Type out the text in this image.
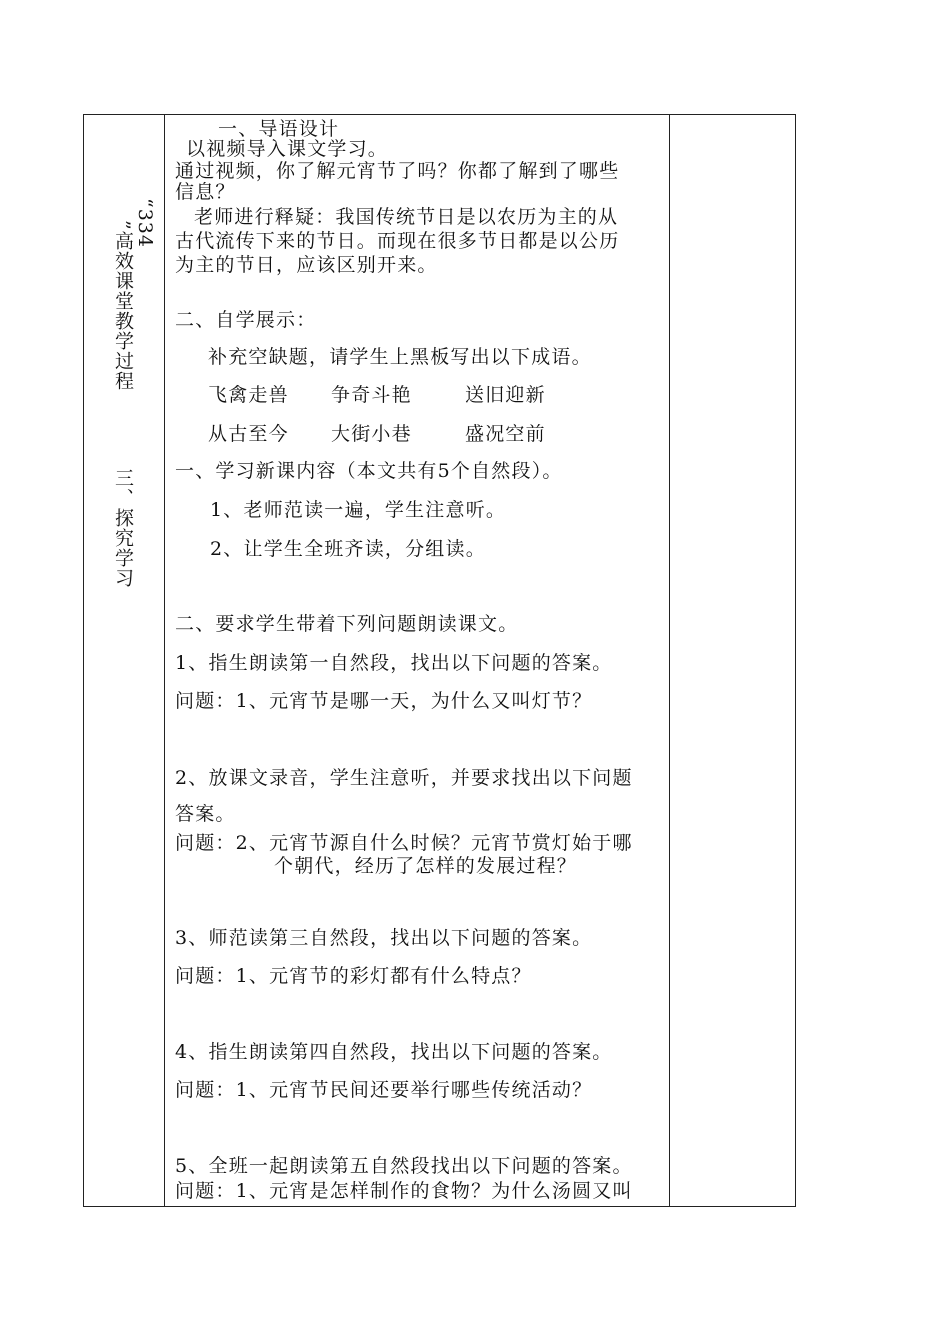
“334
”高效课堂教学过程
三、探究学习
一、导语设计
以视频导入课文学习。
通过视频，你了解元宵节了吗？你都了解到了哪些
信息？
老师进行释疑：我国传统节日是以农历为主的从
古代流传下来的节日。而现在很多节日都是以公历
为主的节日，应该区别开来。
二、自学展示：
补充空缺题，请学生上黑板写出以下成语。
飞禽走兽 争奇斗艳	送旧迎新
从古至今 大街小巷	盛况空前
一、学习新课内容（本文共有5个自然段）。
1、老师范读一遍，学生注意听。
2、让学生全班齐读，分组读。
二、要求学生带着下列问题朗读课文。
1、指生朗读第一自然段，找出以下问题的答案。
问题：1、元宵节是哪一天，为什么又叫灯节？
2、放课文录音，学生注意听，并要求找出以下问题
答案。
问题：2、元宵节源自什么时候？元宵节赏灯始于哪
个朝代，经历了怎样的发展过程？
3、师范读第三自然段，找出以下问题的答案。
问题：1、元宵节的彩灯都有什么特点？
4、指生朗读第四自然段，找出以下问题的答案。
问题：1、元宵节民间还要举行哪些传统活动？
5、全班一起朗读第五自然段找出以下问题的答案。
问题：1、元宵是怎样制作的食物？为什么汤圆又叫
